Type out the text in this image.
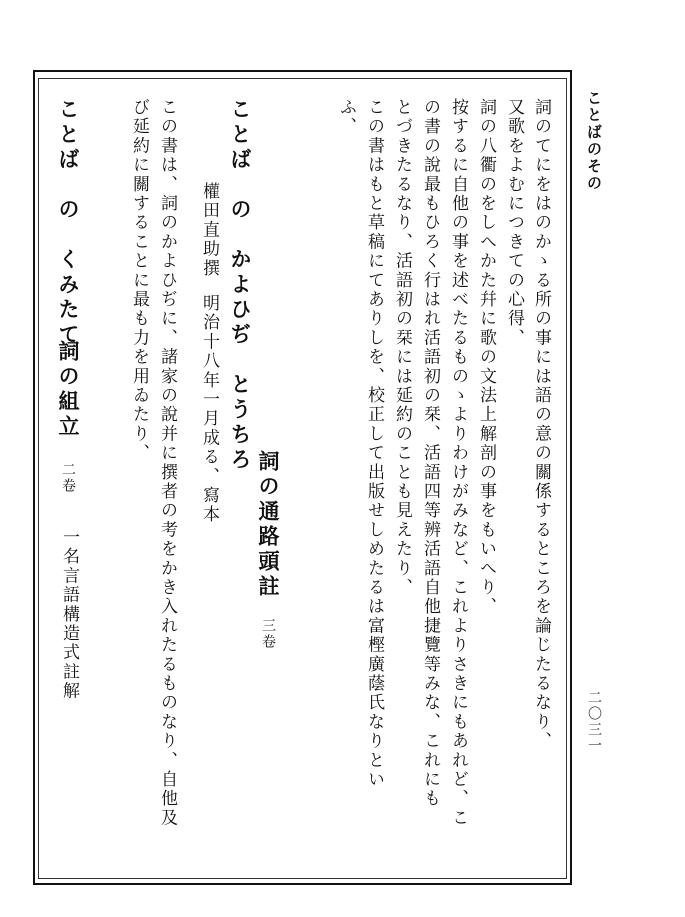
ことばのその
二〇三一
詞のてにをはのかゝる所の事には語の意の關係するところを論じたるなり、
又歌をよむにつきての心得、
詞の八衢のをしへかた幷に歌の文法上解剖の事をもいへり、
按するに自他の事を述べたるものゝよりわけがみなど、これよりさきにもあれど、こ
の書の說最もひろく行はれ活語初の栞、活語四等辨活語自他捷覽等みな、これにも
とづきたるなり、活語初の栞には延約のことも見えたり、
この書はもと草稿にてありしを、校正して出版せしめたるは富樫廣蔭氏なりとい
ふ、
ことば　の　かよひぢ　とうちろ
詞の通路頭註
三卷
權田直助撰
明治十八年一月成る、寫本
この書は、詞のかよひぢに、諸家の說并に撰者の考をかき入れたるものなり、自他及
び延約に關することに最も力を用ゐたり、
ことば　の　くみたて
詞の組立
二卷
一名言語構造式註解
